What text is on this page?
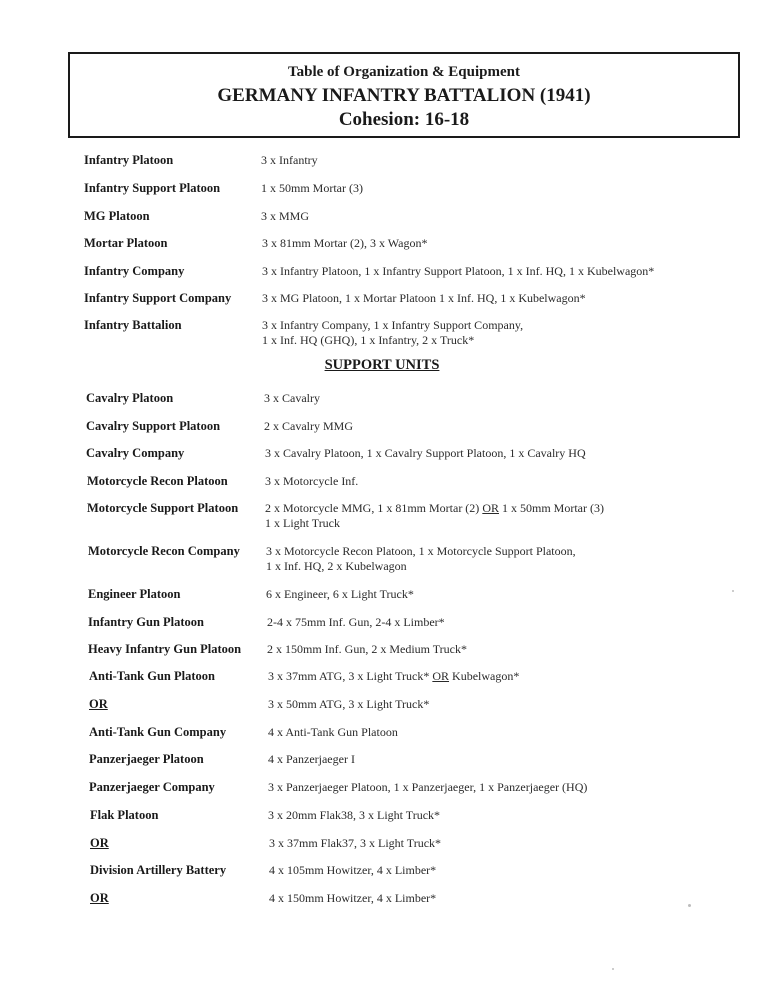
Table of Organization & Equipment
GERMANY INFANTRY BATTALION (1941)
Cohesion: 16-18
Infantry Platoon	3 x Infantry
Infantry Support Platoon	1 x 50mm Mortar (3)
MG Platoon	3 x MMG
Mortar Platoon	3 x 81mm Mortar (2), 3 x Wagon*
Infantry Company	3 x Infantry Platoon, 1 x Infantry Support Platoon, 1 x Inf. HQ, 1 x Kubelwagon*
Infantry Support Company	3 x MG Platoon, 1 x Mortar Platoon 1 x Inf. HQ, 1 x Kubelwagon*
Infantry Battalion	3 x Infantry Company, 1 x Infantry Support Company,
1 x Inf. HQ (GHQ), 1 x Infantry, 2 x Truck*
SUPPORT UNITS
Cavalry Platoon	3 x Cavalry
Cavalry Support Platoon	2 x Cavalry MMG
Cavalry Company	3 x Cavalry Platoon, 1 x Cavalry Support Platoon, 1 x Cavalry HQ
Motorcycle Recon Platoon	3 x Motorcycle Inf.
Motorcycle Support Platoon 2 x Motorcycle MMG, 1 x 81mm Mortar (2) OR 1 x 50mm Mortar (3)
1 x Light Truck
Motorcycle Recon Company 3 x Motorcycle Recon Platoon, 1 x Motorcycle Support Platoon,
1 x Inf. HQ, 2 x Kubelwagon
Engineer Platoon	6 x Engineer, 6 x Light Truck*
Infantry Gun Platoon	2-4 x 75mm Inf. Gun, 2-4 x Limber*
Heavy Infantry Gun Platoon 2 x 150mm Inf. Gun, 2 x Medium Truck*
Anti-Tank Gun Platoon	3 x 37mm ATG, 3 x Light Truck* OR Kubelwagon*
OR	3 x 50mm ATG, 3 x Light Truck*
Anti-Tank Gun Company	4 x Anti-Tank Gun Platoon
Panzerjaeger Platoon	4 x Panzerjaeger I
Panzerjaeger Company	3 x Panzerjaeger Platoon, 1 x Panzerjaeger, 1 x Panzerjaeger (HQ)
Flak Platoon	3 x 20mm Flak38, 3 x Light Truck*
OR	3 x 37mm Flak37, 3 x Light Truck*
Division Artillery Battery	4 x 105mm Howitzer, 4 x Limber*
OR	4 x 150mm Howitzer, 4 x Limber*
